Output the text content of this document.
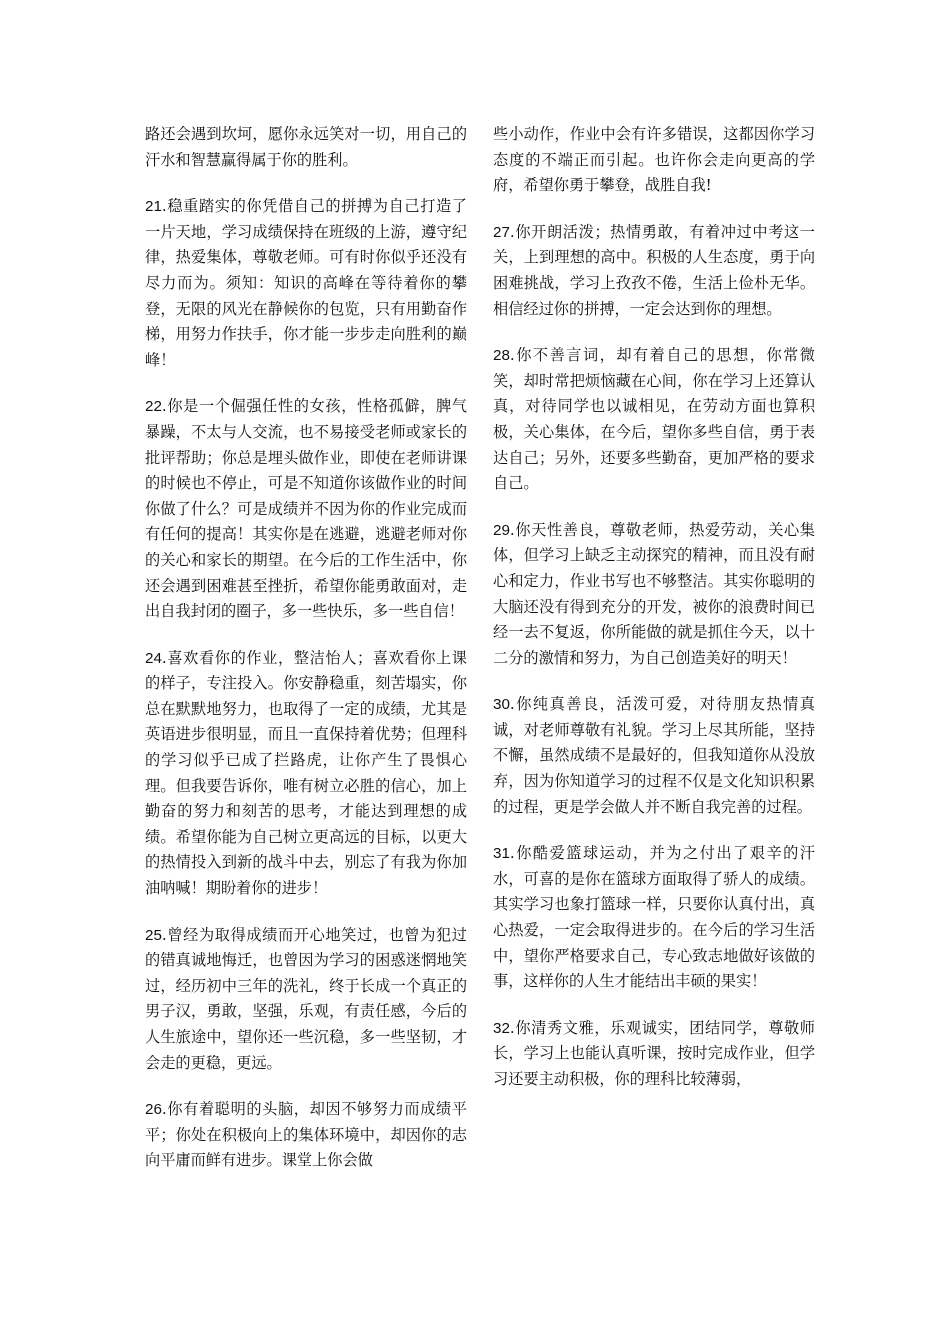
路还会遇到坎坷，愿你永远笑对一切，用自己的汗水和智慧赢得属于你的胜利。

21.稳重踏实的你凭借自己的拼搏为自己打造了一片天地，学习成绩保持在班级的上游，遵守纪律，热爱集体，尊敬老师。可有时你似乎还没有尽力而为。须知：知识的高峰在等待着你的攀登，无限的风光在静候你的包览，只有用勤奋作梯，用努力作扶手，你才能一步步走向胜利的巅峰！

22.你是一个倔强任性的女孩，性格孤僻，脾气暴躁，不太与人交流，也不易接受老师或家长的批评帮助；你总是埋头做作业，即使在老师讲课的时候也不停止，可是不知道你该做作业的时间你做了什么？可是成绩并不因为你的作业完成而有任何的提高！其实你是在逃避，逃避老师对你的关心和家长的期望。在今后的工作生活中，你还会遇到困难甚至挫折，希望你能勇敢面对，走出自我封闭的圈子，多一些快乐，多一些自信！

24.喜欢看你的作业，整洁怡人；喜欢看你上课的样子，专注投入。你安静稳重，刻苦塌实，你总在默默地努力，也取得了一定的成绩，尤其是英语进步很明显，而且一直保持着优势；但理科的学习似乎已成了拦路虎，让你产生了畏惧心理。但我要告诉你，唯有树立必胜的信心，加上勤奋的努力和刻苦的思考，才能达到理想的成绩。希望你能为自己树立更高远的目标，以更大的热情投入到新的战斗中去，别忘了有我为你加油呐喊！期盼着你的进步！

25.曾经为取得成绩而开心地笑过，也曾为犯过的错真诚地悔迁，也曾因为学习的困惑迷惘地笑过，经历初中三年的洗礼，终于长成一个真正的男子汉，勇敢，坚强，乐观，有责任感，今后的人生旅途中，望你还一些沉稳，多一些坚韧，才会走的更稳，更远。

26.你有着聪明的头脑，却因不够努力而成绩平平；你处在积极向上的集体环境中，却因你的志向平庸而鲜有进步。课堂上你会做

些小动作，作业中会有许多错误，这都因你学习态度的不端正而引起。也许你会走向更高的学府，希望你勇于攀登，战胜自我!

27.你开朗活泼；热情勇敢，有着冲过中考这一关，上到理想的高中。积极的人生态度，勇于向困难挑战，学习上孜孜不倦，生活上俭朴无华。相信经过你的拼搏，一定会达到你的理想。

28.你不善言词，却有着自己的思想，你常微笑，却时常把烦恼藏在心间，你在学习上还算认真，对待同学也以诚相见，在劳动方面也算积极，关心集体，在今后，望你多些自信，勇于表达自己；另外，还要多些勤奋，更加严格的要求自己。

29.你天性善良，尊敬老师，热爱劳动，关心集体，但学习上缺乏主动探究的精神，而且没有耐心和定力，作业书写也不够整洁。其实你聪明的大脑还没有得到充分的开发，被你的浪费时间已经一去不复返，你所能做的就是抓住今天，以十二分的激情和努力，为自己创造美好的明天！

30.你纯真善良，活泼可爱，对待朋友热情真诚，对老师尊敬有礼貌。学习上尽其所能，坚持不懈，虽然成绩不是最好的，但我知道你从没放弃，因为你知道学习的过程不仅是文化知识积累的过程，更是学会做人并不断自我完善的过程。

31.你酷爱篮球运动，并为之付出了艰辛的汗水，可喜的是你在篮球方面取得了骄人的成绩。其实学习也象打篮球一样，只要你认真付出，真心热爱，一定会取得进步的。在今后的学习生活中，望你严格要求自己，专心致志地做好该做的事，这样你的人生才能结出丰硕的果实！

32.你清秀文雅，乐观诚实，团结同学，尊敬师长，学习上也能认真听课，按时完成作业，但学习还要主动积极，你的理科比较薄弱，
